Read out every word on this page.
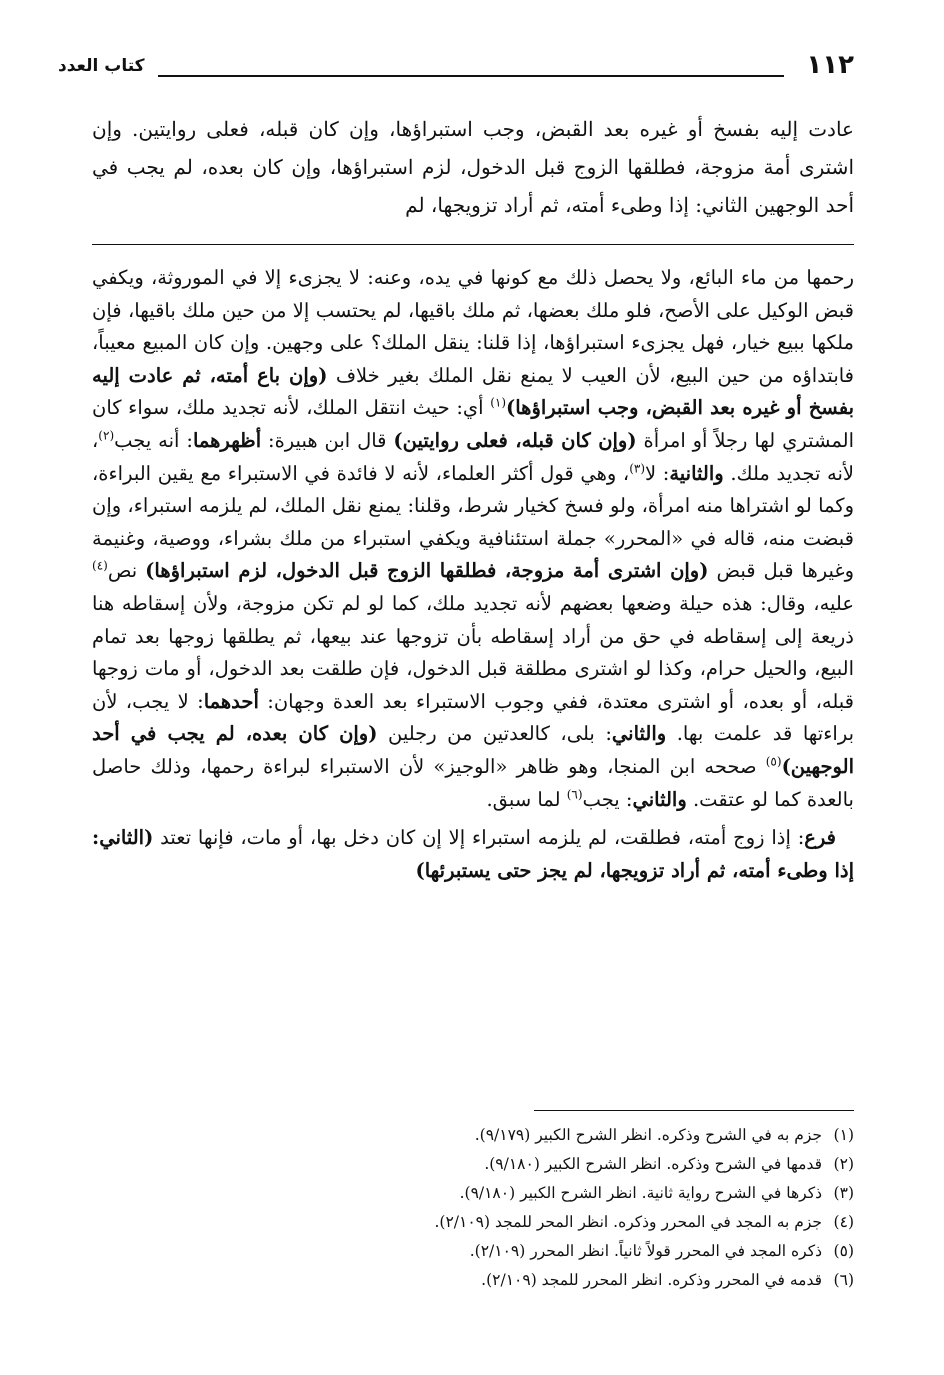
١١٢
كتاب العدد
عادت إليه بفسخ أو غيره بعد القبض، وجب استبراؤها، وإن كان قبله، فعلى روايتين. وإن اشترى أمة مزوجة، فطلقها الزوج قبل الدخول، لزم استبراؤها، وإن كان بعده، لم يجب في أحد الوجهين الثاني: إذا وطىء أمته، ثم أراد تزويجها، لم

رحمها من ماء البائع، ولا يحصل ذلك مع كونها في يده، وعنه: لا يجزىء إلا في الموروثة، ويكفي قبض الوكيل على الأصح، فلو ملك بعضها، ثم ملك باقيها، لم يحتسب إلا من حين ملك باقيها، فإن ملكها ببيع خيار، فهل يجزىء استبراؤها، إذا قلنا: ينقل الملك؟ على وجهين. وإن كان المبيع معيباً، فابتداؤه من حين البيع، لأن العيب لا يمنع نقل الملك بغير خلاف (وإن باع أمته، ثم عادت إليه بفسخ أو غيره بعد القبض، وجب استبراؤها)$^{(١)}$ أي: حيث انتقل الملك، لأنه تجديد ملك، سواء كان المشتري لها رجلاً أو امرأة (وإن كان قبله، فعلى روايتين) قال ابن هبيرة: أظهرهما: أنه يجب$^{(٢)}$، لأنه تجديد ملك. والثانية: لا$^{(٣)}$، وهي قول أكثر العلماء، لأنه لا فائدة في الاستبراء مع يقين البراءة، وكما لو اشتراها منه امرأة، ولو فسخ كخيار شرط، وقلنا: يمنع نقل الملك، لم يلزمه استبراء، وإن قبضت منه، قاله في «المحرر» جملة استئنافية ويكفي استبراء من ملك بشراء، ووصية، وغنيمة وغيرها قبل قبض (وإن اشترى أمة مزوجة، فطلقها الزوج قبل الدخول، لزم استبراؤها) نص$^{(٤)}$ عليه، وقال: هذه حيلة وضعها بعضهم لأنه تجديد ملك، كما لو لم تكن مزوجة، ولأن إسقاطه هنا ذريعة إلى إسقاطه في حق من أراد إسقاطه بأن تزوجها عند بيعها، ثم يطلقها زوجها بعد تمام البيع، والحيل حرام، وكذا لو اشترى مطلقة قبل الدخول، فإن طلقت بعد الدخول، أو مات زوجها قبله، أو بعده، أو اشترى معتدة، ففي وجوب الاستبراء بعد العدة وجهان: أحدهما: لا يجب، لأن براءتها قد علمت بها. والثاني: بلى، كالعدتين من رجلين (وإن كان بعده، لم يجب في أحد الوجهين)$^{(٥)}$ صححه ابن المنجا، وهو ظاهر «الوجيز» لأن الاستبراء لبراءة رحمها، وذلك حاصل بالعدة كما لو عتقت. والثاني: يجب$^{(٦)}$ لما سبق.

فرع: إذا زوج أمته، فطلقت، لم يلزمه استبراء إلا إن كان دخل بها، أو مات، فإنها تعتد (الثاني: إذا وطىء أمته، ثم أراد تزويجها، لم يجز حتى يستبرئها)

(١)جزم به في الشرح وذكره. انظر الشرح الكبير (٩/١٧٩).
(٢)قدمها في الشرح وذكره. انظر الشرح الكبير (٩/١٨٠).
(٣)ذكرها في الشرح رواية ثانية. انظر الشرح الكبير (٩/١٨٠).
(٤)جزم به المجد في المحرر وذكره. انظر المحر للمجد (٢/١٠٩).
(٥)ذكره المجد في المحرر قولاً ثانياً. انظر المحرر (٢/١٠٩).
(٦)قدمه في المحرر وذكره. انظر المحرر للمجد (٢/١٠٩).
